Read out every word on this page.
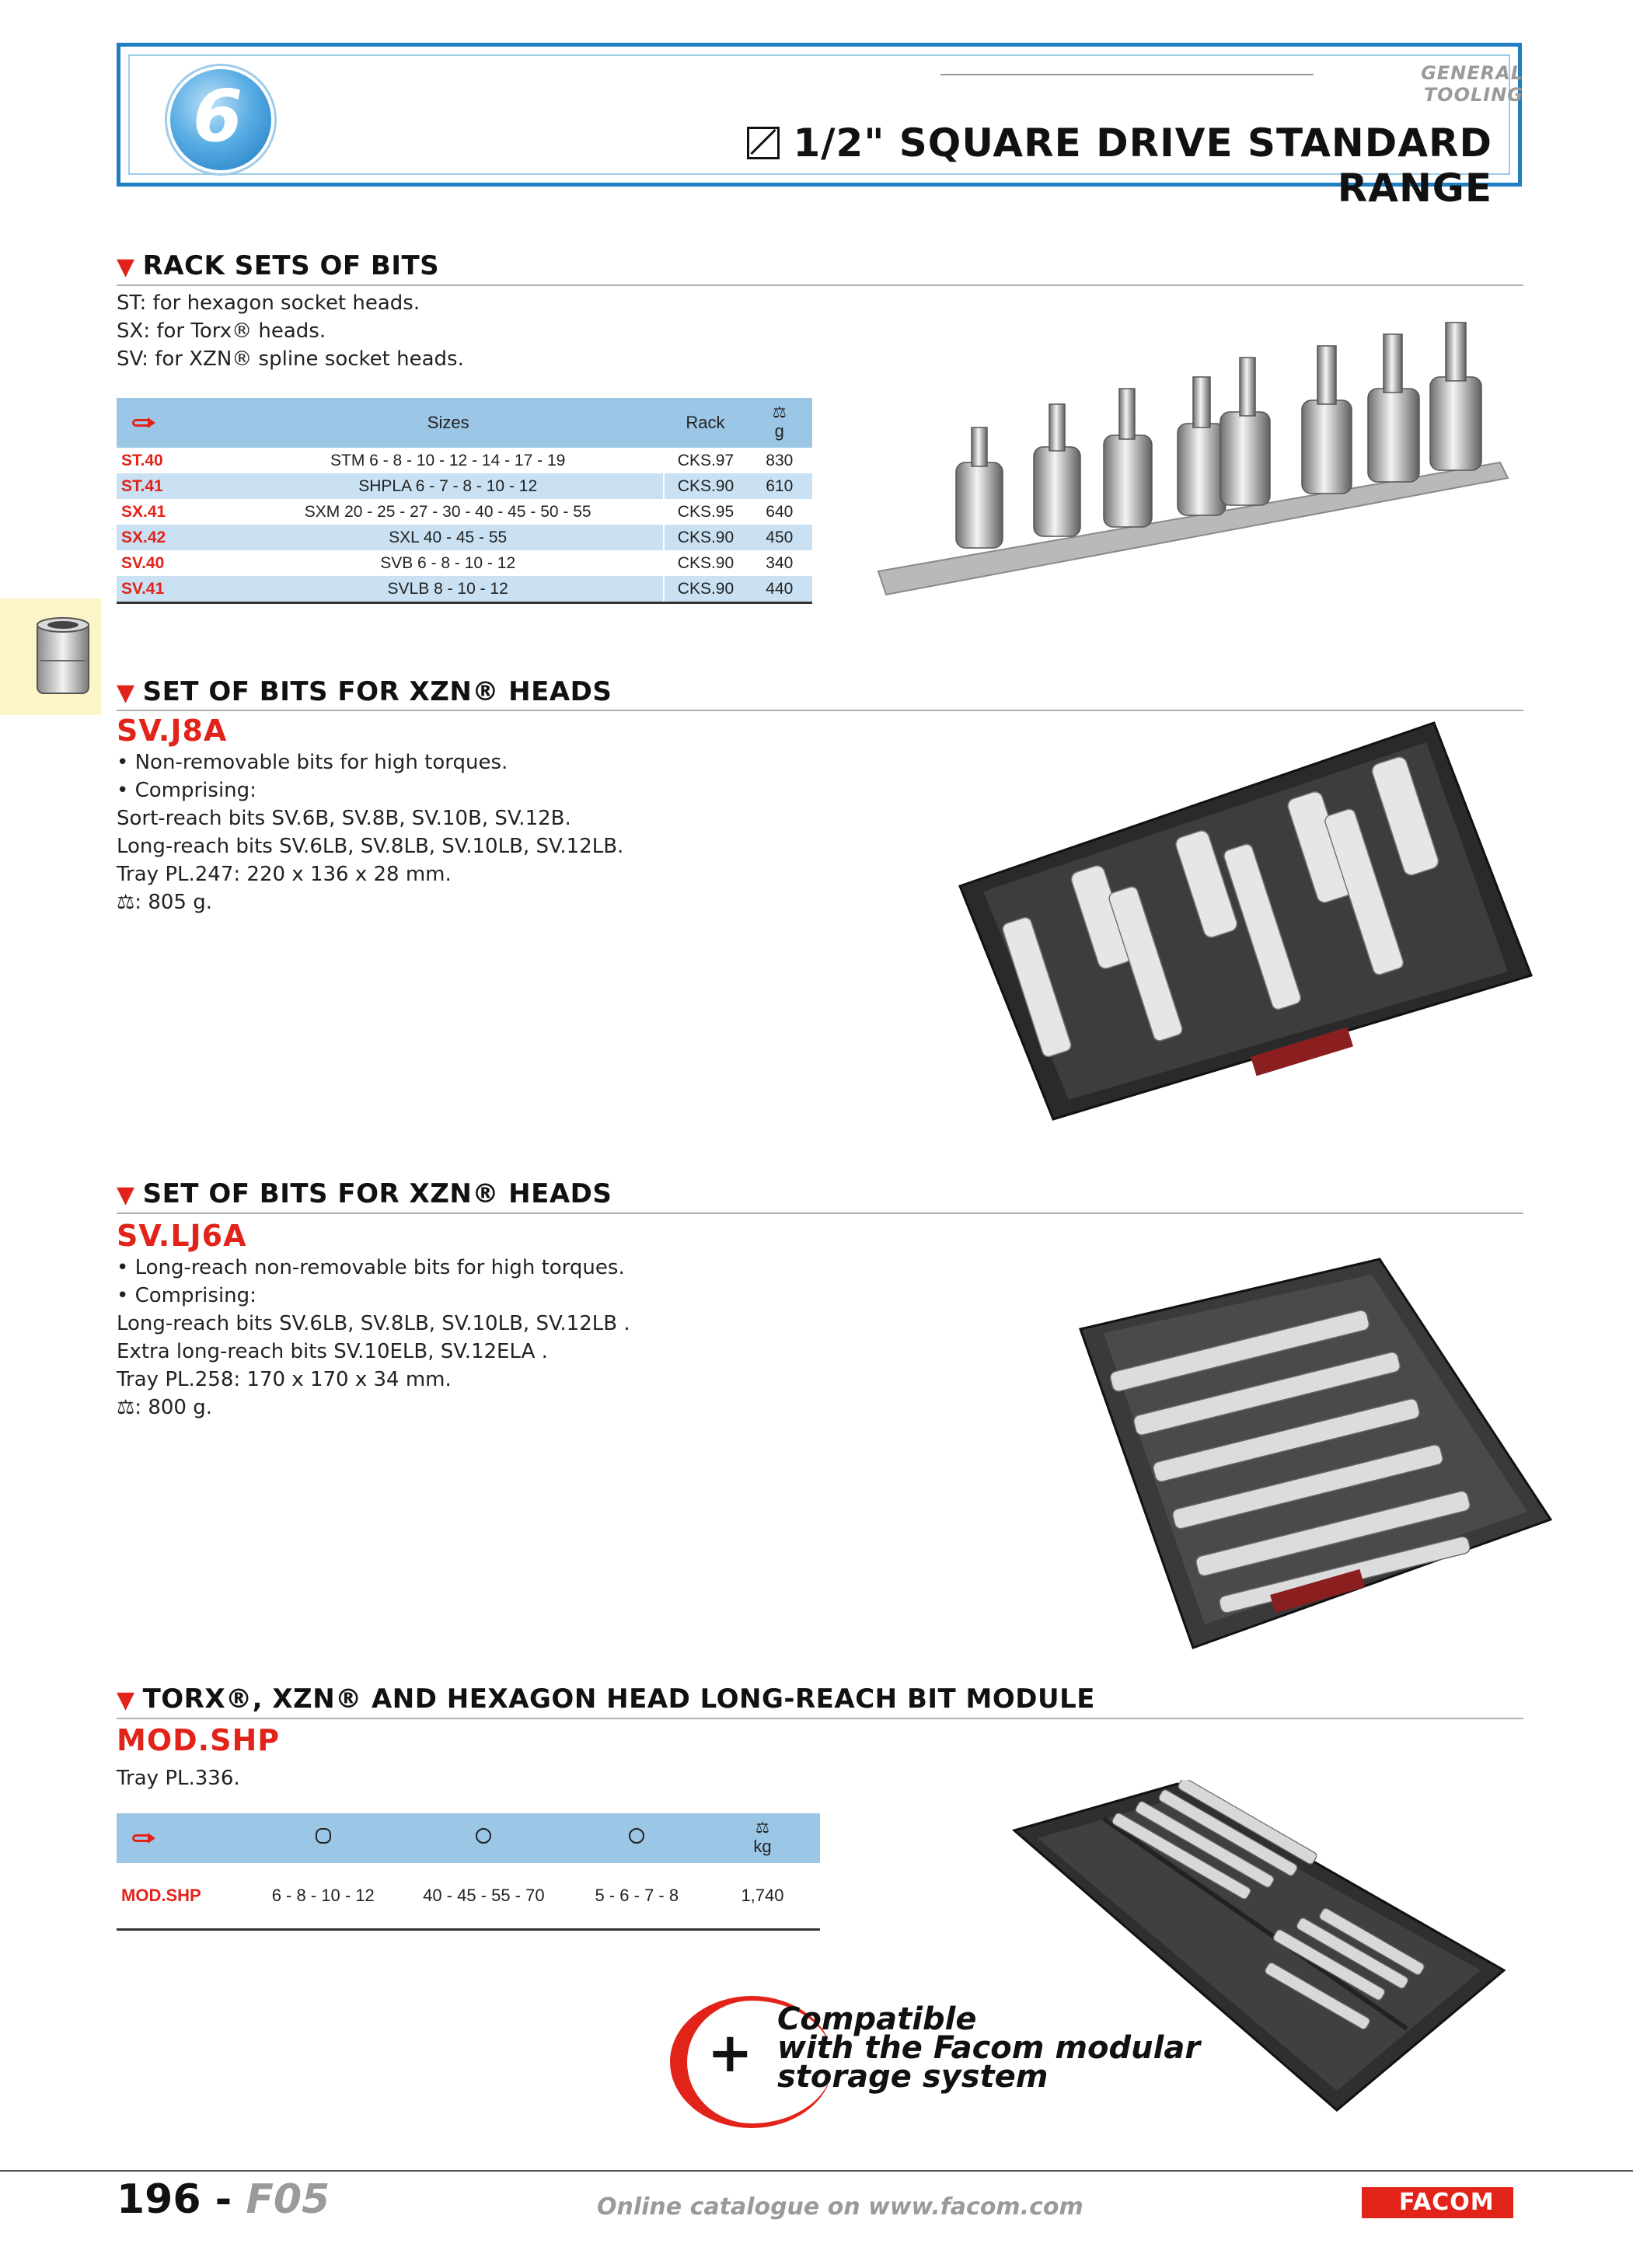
6
GENERAL TOOLING
1/2" SQUARE DRIVE STANDARD RANGE
▼ RACK SETS OF BITS
ST: for hexagon socket heads.
SX: for Torx® heads.
SV: for XZN® spline socket heads.
	Sizes	Rack	⚖
g

ST.40	STM 6 - 8 - 10 - 12 - 14 - 17 - 19	CKS.97	830
ST.41	SHPLA 6 - 7 - 8 - 10 - 12	CKS.90	610
SX.41	SXM 20 - 25 - 27 - 30 - 40 - 45 - 50 - 55	CKS.95	640
SX.42	SXL 40 - 45 - 55	CKS.90	450
SV.40	SVB 6 - 8 - 10 - 12	CKS.90	340
SV.41	SVLB 8 - 10 - 12	CKS.90	440
▼ SET OF BITS FOR XZN® HEADS
SV.J8A
• Non-removable bits for high torques.
• Comprising:
Sort-reach bits SV.6B, SV.8B, SV.10B, SV.12B.
Long-reach bits SV.6LB, SV.8LB, SV.10LB, SV.12LB.
Tray PL.247: 220 x 136 x 28 mm.
⚖: 805 g.
▼ SET OF BITS FOR XZN® HEADS
SV.LJ6A
• Long-reach non-removable bits for high torques.
• Comprising:
Long-reach bits SV.6LB, SV.8LB, SV.10LB, SV.12LB .
Extra long-reach bits SV.10ELB, SV.12ELA .
Tray PL.258: 170 x 170 x 34 mm.
⚖: 800 g.
▼ TORX®, XZN® AND HEXAGON HEAD LONG-REACH BIT MODULE
MOD.SHP
Tray PL.336.

				⚖
kg

MOD.SHP	6 - 8 - 10 - 12	40 - 45 - 55 - 70	5 - 6 - 7 - 8	1,740
+
Compatible
with the Facom modular
storage system
196 - F05	Online catalogue on www.facom.com	FACOM
